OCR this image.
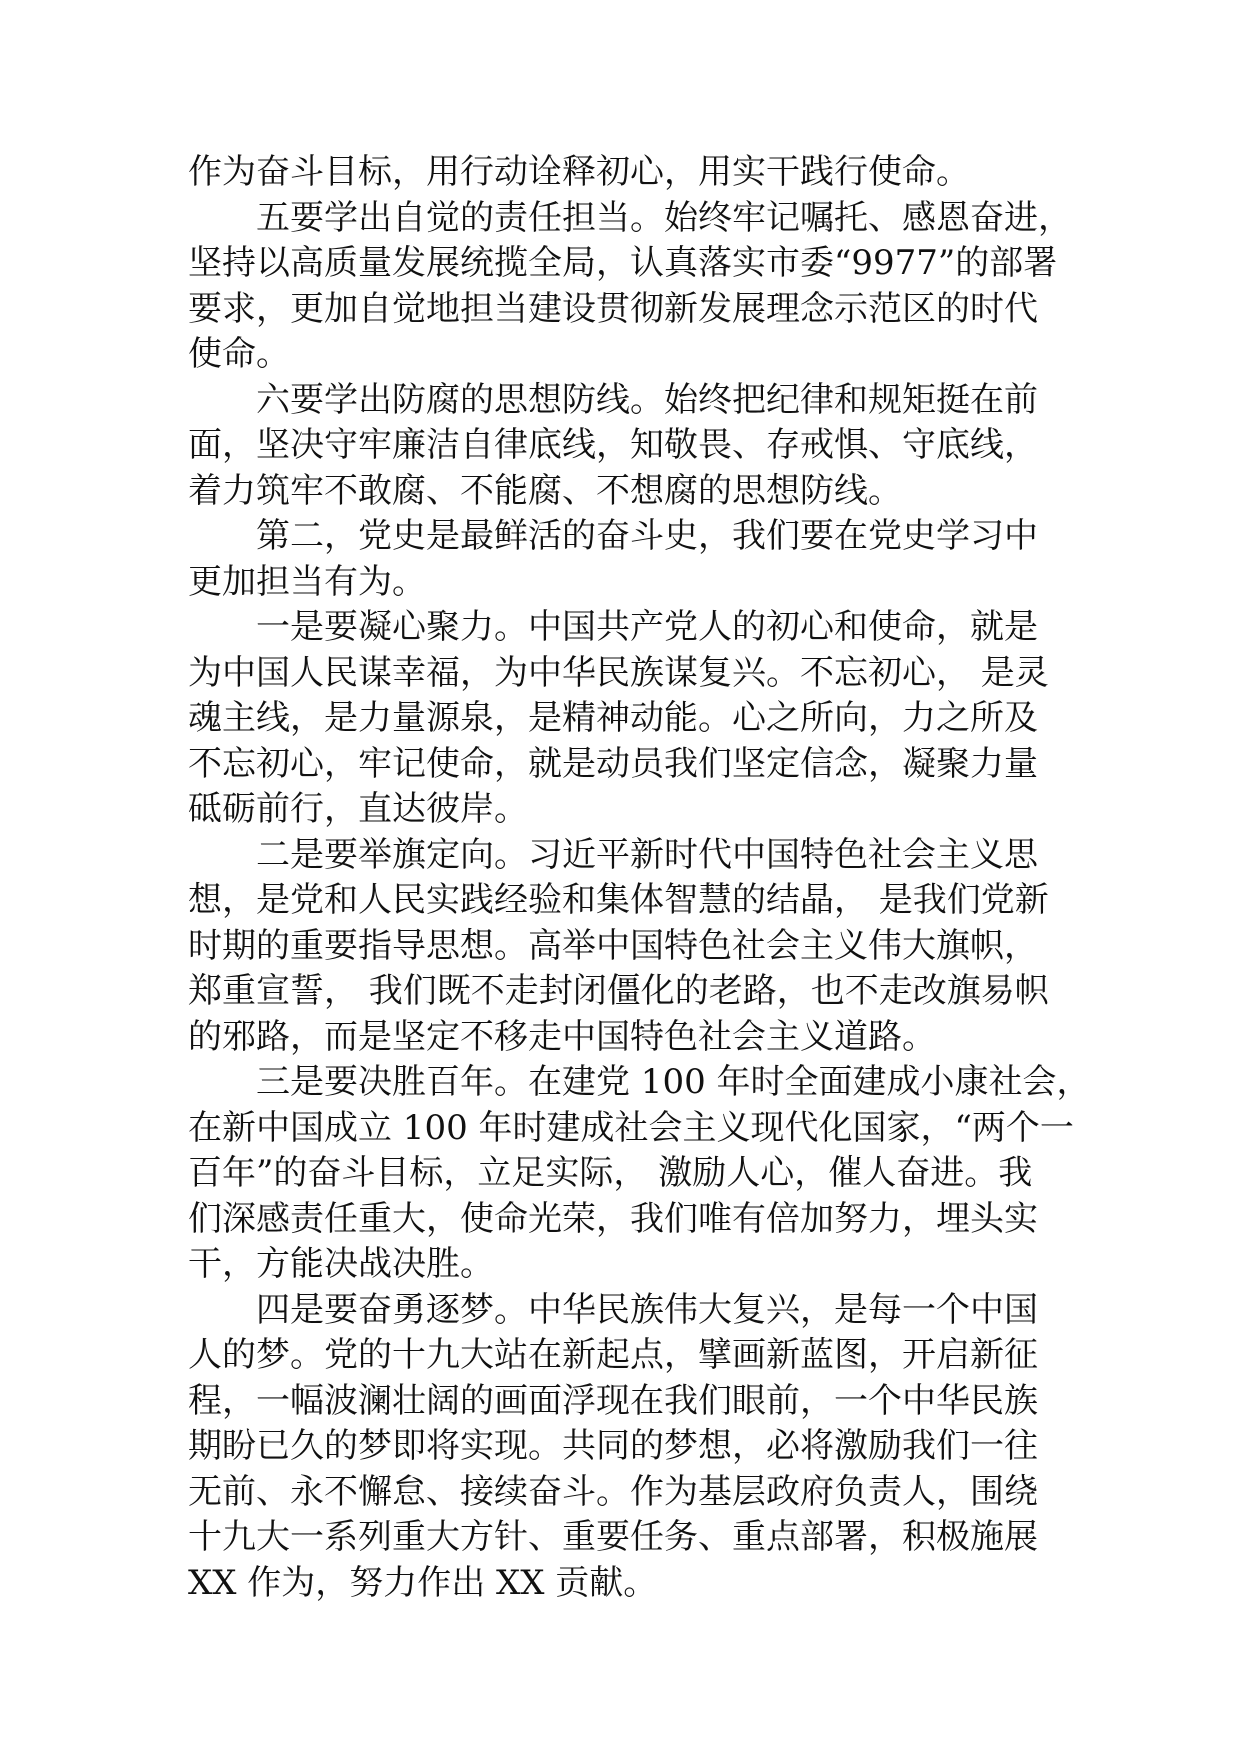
作为奋斗目标，用行动诠释初心，用实干践行使命。
五要学出自觉的责任担当。始终牢记嘱托、感恩奋进，
坚持以高质量发展统揽全局，认真落实市委“9977”的部署
要求，更加自觉地担当建设贯彻新发展理念示范区的时代
使命。
六要学出防腐的思想防线。始终把纪律和规矩挺在前
面，坚决守牢廉洁自律底线，知敬畏、存戒惧、守底线，
着力筑牢不敢腐、不能腐、不想腐的思想防线。
第二，党史是最鲜活的奋斗史，我们要在党史学习中
更加担当有为。
一是要凝心聚力。中国共产党人的初心和使命，就是
为中国人民谋幸福，为中华民族谋复兴。不忘初心， 是灵
魂主线，是力量源泉，是精神动能。心之所向，力之所及
不忘初心，牢记使命，就是动员我们坚定信念，凝聚力量
砥砺前行，直达彼岸。
二是要举旗定向。习近平新时代中国特色社会主义思
想，是党和人民实践经验和集体智慧的结晶， 是我们党新
时期的重要指导思想。高举中国特色社会主义伟大旗帜，
郑重宣誓， 我们既不走封闭僵化的老路，也不走改旗易帜
的邪路，而是坚定不移走中国特色社会主义道路。
三是要决胜百年。在建党 100 年时全面建成小康社会，
在新中国成立 100 年时建成社会主义现代化国家，“两个一
百年”的奋斗目标，立足实际， 激励人心，催人奋进。我
们深感责任重大，使命光荣，我们唯有倍加努力，埋头实
干，方能决战决胜。
四是要奋勇逐梦。中华民族伟大复兴，是每一个中国
人的梦。党的十九大站在新起点，擘画新蓝图，开启新征
程，一幅波澜壮阔的画面浮现在我们眼前，一个中华民族
期盼已久的梦即将实现。共同的梦想，必将激励我们一往
无前、永不懈怠、接续奋斗。作为基层政府负责人，围绕
十九大一系列重大方针、重要任务、重点部署，积极施展
XX 作为，努力作出 XX 贡献。
